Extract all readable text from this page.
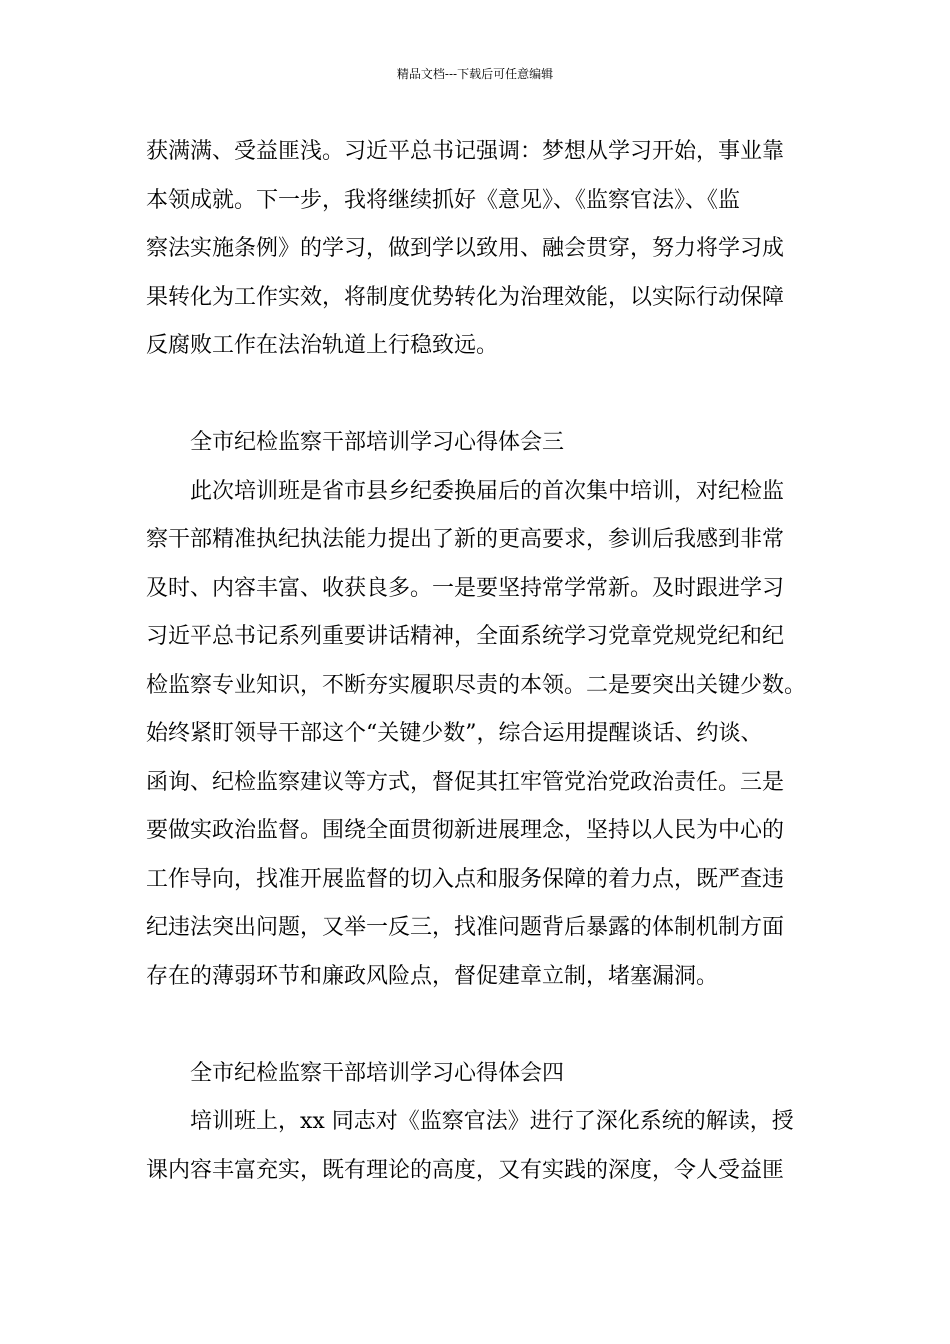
精品文档---下载后可任意编辑
获满满、受益匪浅。习近平总书记强调：梦想从学习开始，事业靠
本领成就。下一步，我将继续抓好《意见》、《监察官法》、《监
察法实施条例》的学习，做到学以致用、融会贯穿，努力将学习成
果转化为工作实效，将制度优势转化为治理效能，以实际行动保障
反腐败工作在法治轨道上行稳致远。
全市纪检监察干部培训学习心得体会三
此次培训班是省市县乡纪委换届后的首次集中培训，对纪检监
察干部精准执纪执法能力提出了新的更高要求，参训后我感到非常
及时、内容丰富、收获良多。一是要坚持常学常新。及时跟进学习
习近平总书记系列重要讲话精神，全面系统学习党章党规党纪和纪
检监察专业知识，不断夯实履职尽责的本领。二是要突出关键少数。
始终紧盯领导干部这个“关键少数”，综合运用提醒谈话、约谈、
函询、纪检监察建议等方式，督促其扛牢管党治党政治责任。三是
要做实政治监督。围绕全面贯彻新进展理念，坚持以人民为中心的
工作导向，找准开展监督的切入点和服务保障的着力点，既严查违
纪违法突出问题，又举一反三，找准问题背后暴露的体制机制方面
存在的薄弱环节和廉政风险点，督促建章立制，堵塞漏洞。
全市纪检监察干部培训学习心得体会四
培训班上，xx 同志对《监察官法》进行了深化系统的解读，授
课内容丰富充实，既有理论的高度，又有实践的深度，令人受益匪
